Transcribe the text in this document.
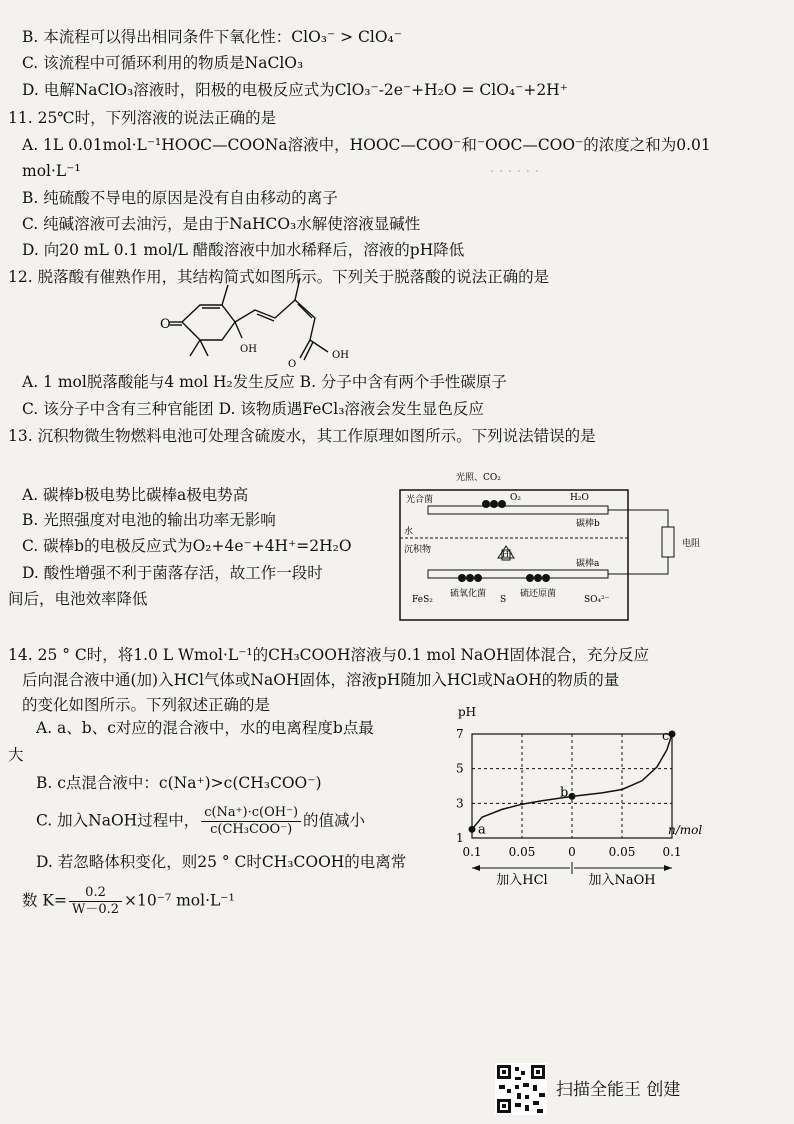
. . . . . .
B. 本流程可以得出相同条件下氧化性：ClO₃⁻ > ClO₄⁻
C. 该流程中可循环利用的物质是NaClO₃
D. 电解NaClO₃溶液时，阳极的电极反应式为ClO₃⁻-2e⁻+H₂O = ClO₄⁻+2H⁺
11. 25℃时，下列溶液的说法正确的是
A. 1L 0.01mol·L⁻¹HOOC—COONa溶液中，HOOC—COO⁻和⁻OOC—COO⁻的浓度之和为0.01
mol·L⁻¹
B. 纯硫酸不导电的原因是没有自由移动的离子
C. 纯碱溶液可去油污，是由于NaHCO₃水解使溶液显碱性
D. 向20 mL 0.1 mol/L 醋酸溶液中加水稀释后，溶液的pH降低
12. 脱落酸有催熟作用，其结构简式如图所示。下列关于脱落酸的说法正确的是
O
OH
OH
O
A. 1 mol脱落酸能与4 mol H₂发生反应 B. 分子中含有两个手性碳原子
C. 该分子中含有三种官能团 D. 该物质遇FeCl₃溶液会发生显色反应
13. 沉积物微生物燃料电池可处理含硫废水，其工作原理如图所示。下列说法错误的是
A. 碳棒b极电势比碳棒a极电势高
B. 光照强度对电池的输出功率无影响
C. 碳棒b的电极反应式为O₂+4e⁻+4H⁺=2H₂O
D. 酸性增强不利于菌落存活，故工作一段时
间后，电池效率降低
光照、CO₂
光合菌	O₂	H₂O
碳棒b
水
H⁺
沉积物
碳棒a
FeS₂
硫氧化菌
S
硫还原菌
SO₄²⁻
电阻
14. 25 ° C时，将1.0 L Wmol·L⁻¹的CH₃COOH溶液与0.1 mol NaOH固体混合，充分反应
后向混合液中通(加)入HCl气体或NaOH固体，溶液pH随加入HCl或NaOH的物质的量
的变化如图所示。下列叙述正确的是
A. a、b、c对应的混合液中，水的电离程度b点最
大
B. c点混合液中：c(Na⁺)>c(CH₃COO⁻)
C. 加入NaOH过程中， $\frac{c(Na^+)\cdot c(OH^-)}{\text{c(CH₃COO⁻)}}$ 的值减小
D. 若忽略体积变化，则25 ° C时CH₃COOH的电离常
数 $K= \frac{0.2}{W-0.2} \times 10^{-7}$ mol·L⁻¹
a
b
c
pH
1
3
5
7
0.1 0.05	0	0.05 0.1
n/mol
加入HCl	加入NaOH
扫描全能王 创建
